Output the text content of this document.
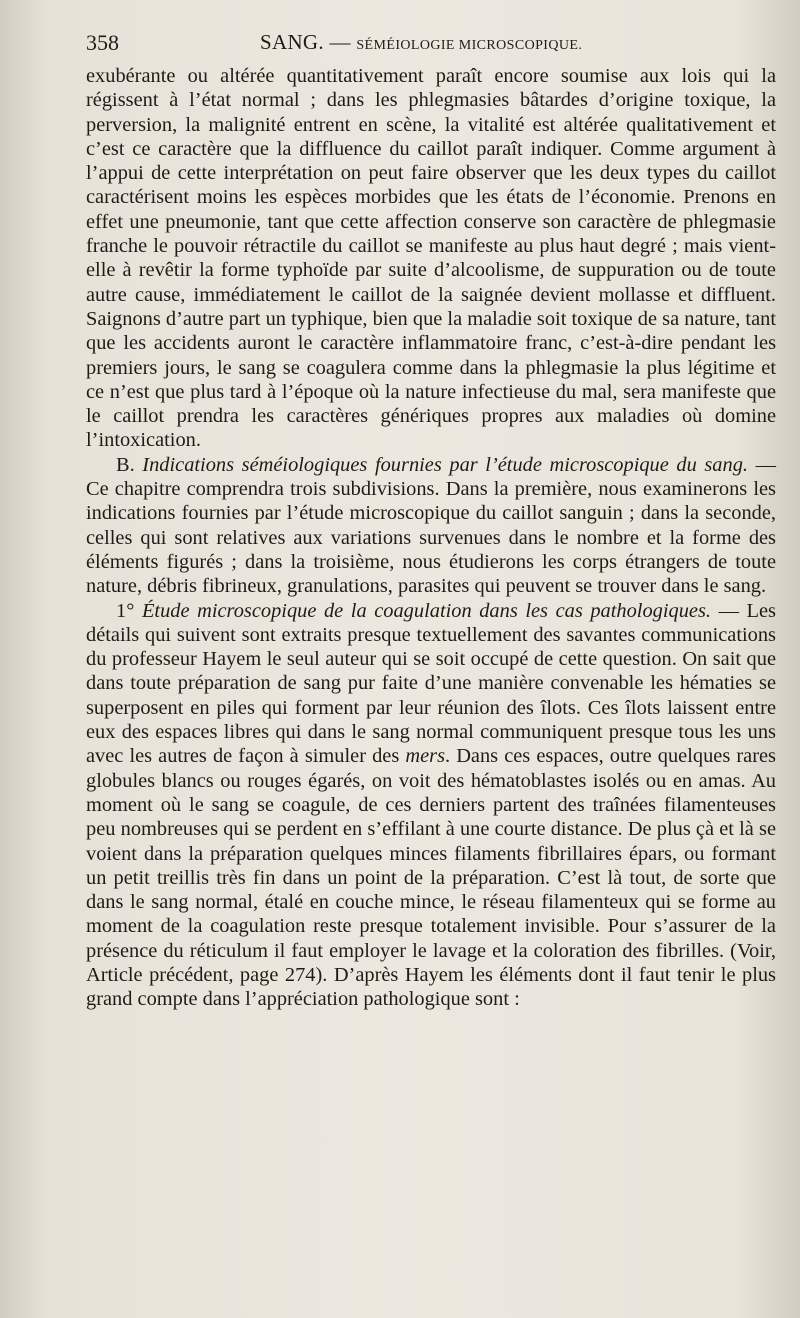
358	SANG. — SÉMÉIOLOGIE MICROSCOPIQUE.

exubérante ou altérée quantitativement paraît encore soumise aux lois qui la régissent à l’état normal ; dans les phlegmasies bâtardes d’origine toxique, la perversion, la malignité entrent en scène, la vitalité est altérée qualitativement et c’est ce caractère que la diffluence du caillot paraît indiquer. Comme argument à l’appui de cette interprétation on peut faire observer que les deux types du caillot caractérisent moins les espèces morbides que les états de l’économie. Prenons en effet une pneumonie, tant que cette affection conserve son caractère de phlegmasie franche le pouvoir rétractile du caillot se manifeste au plus haut degré ; mais vient-elle à revêtir la forme typhoïde par suite d’alcoolisme, de suppuration ou de toute autre cause, immédiatement le caillot de la saignée devient mollasse et diffluent. Saignons d’autre part un typhique, bien que la maladie soit toxique de sa nature, tant que les accidents auront le caractère inflammatoire franc, c’est-à-dire pendant les premiers jours, le sang se coagulera comme dans la phlegmasie la plus légitime et ce n’est que plus tard à l’époque où la nature infectieuse du mal, sera manifeste que le caillot prendra les caractères génériques propres aux maladies où domine l’intoxication.

B. Indications séméiologiques fournies par l’étude microscopique du sang. — Ce chapitre comprendra trois subdivisions. Dans la première, nous examinerons les indications fournies par l’étude microscopique du caillot sanguin ; dans la seconde, celles qui sont relatives aux variations survenues dans le nombre et la forme des éléments figurés ; dans la troisième, nous étudierons les corps étrangers de toute nature, débris fibrineux, granulations, parasites qui peuvent se trouver dans le sang.

1° Étude microscopique de la coagulation dans les cas pathologiques. — Les détails qui suivent sont extraits presque textuellement des savantes communications du professeur Hayem le seul auteur qui se soit occupé de cette question. On sait que dans toute préparation de sang pur faite d’une manière convenable les hématies se superposent en piles qui forment par leur réunion des îlots. Ces îlots laissent entre eux des espaces libres qui dans le sang normal communiquent presque tous les uns avec les autres de façon à simuler des mers. Dans ces espaces, outre quelques rares globules blancs ou rouges égarés, on voit des hématoblastes isolés ou en amas. Au moment où le sang se coagule, de ces derniers partent des traînées filamenteuses peu nombreuses qui se perdent en s’effilant à une courte distance. De plus çà et là se voient dans la préparation quelques minces filaments fibrillaires épars, ou formant un petit treillis très fin dans un point de la préparation. C’est là tout, de sorte que dans le sang normal, étalé en couche mince, le réseau filamenteux qui se forme au moment de la coagulation reste presque totalement invisible. Pour s’assurer de la présence du réticulum il faut employer le lavage et la coloration des fibrilles. (Voir, Article précédent, page 274). D’après Hayem les éléments dont il faut tenir le plus grand compte dans l’appréciation pathologique sont :
